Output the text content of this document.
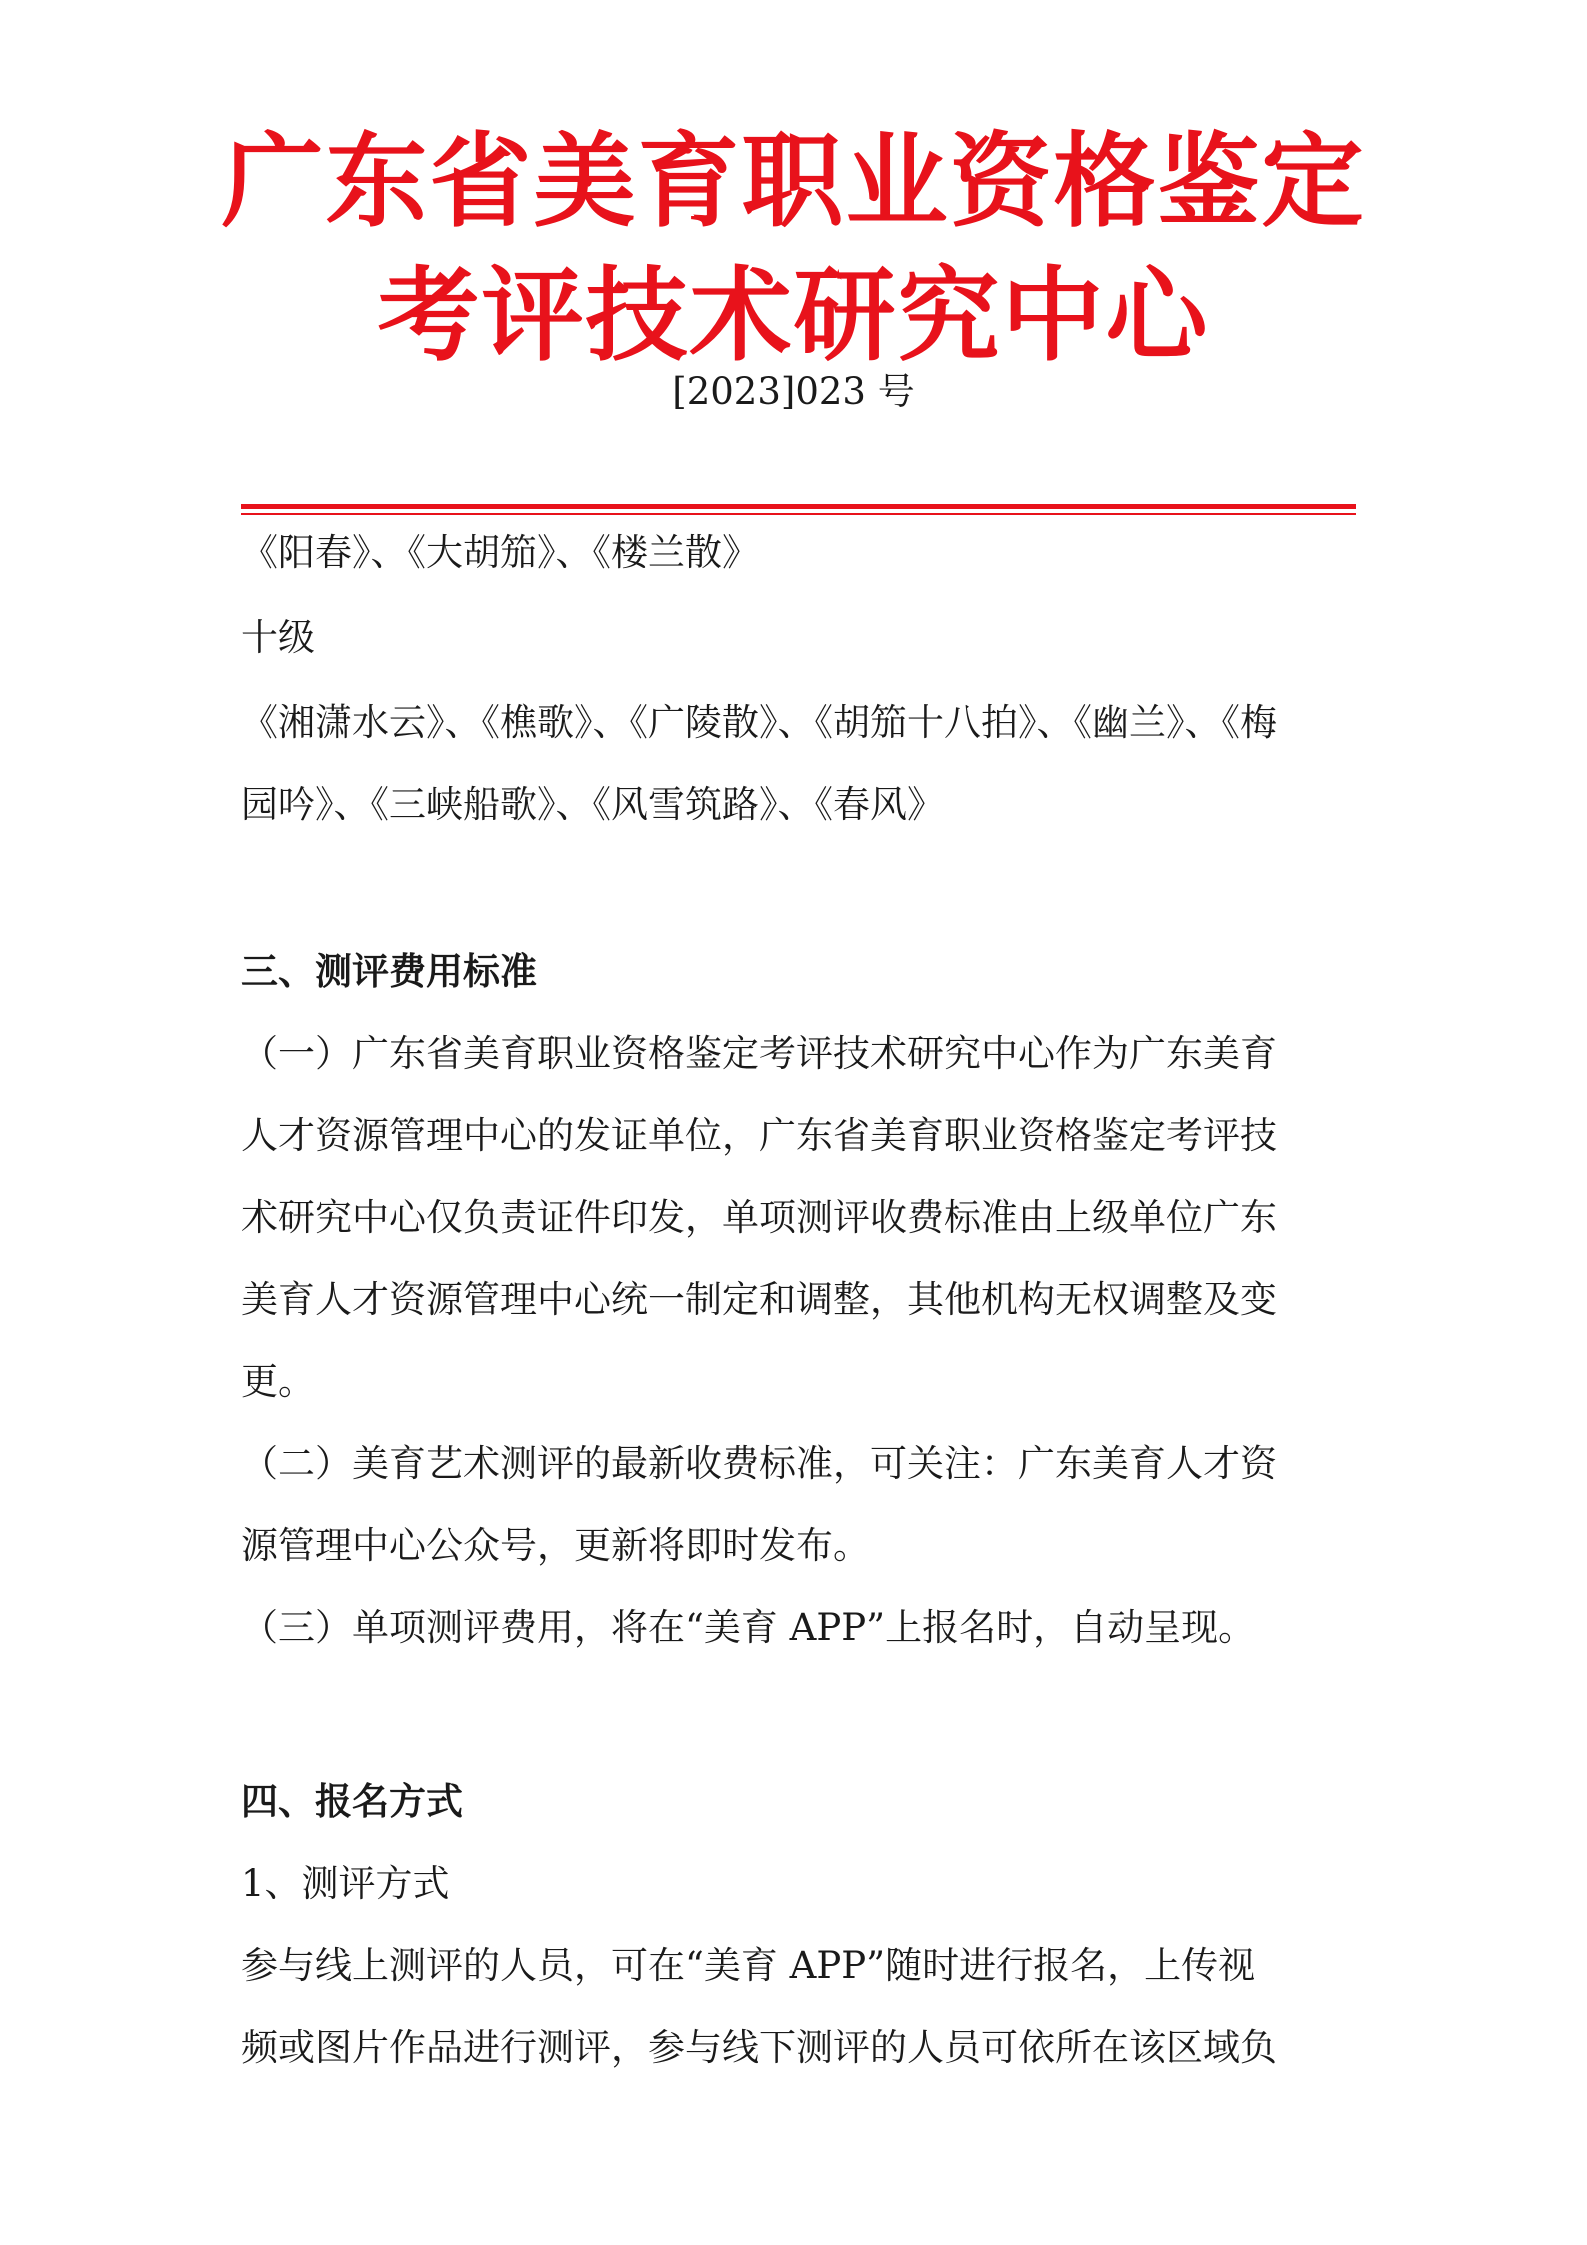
广东省美育职业资格鉴定
考评技术研究中心
[2023]023 号
《阳春》、《大胡笳》、《楼兰散》
十级
《湘潇水云》、《樵歌》、《广陵散》、《胡笳十八拍》、《幽兰》、《梅
园吟》、《三峡船歌》、《风雪筑路》、《春风》
三、测评费用标准
（一）广东省美育职业资格鉴定考评技术研究中心作为广东美育
人才资源管理中心的发证单位，广东省美育职业资格鉴定考评技
术研究中心仅负责证件印发，单项测评收费标准由上级单位广东
美育人才资源管理中心统一制定和调整，其他机构无权调整及变
更。
（二）美育艺术测评的最新收费标准，可关注：广东美育人才资
源管理中心公众号，更新将即时发布。
（三）单项测评费用，将在“美育 APP”上报名时，自动呈现。
四、报名方式
1、测评方式
参与线上测评的人员，可在“美育 APP”随时进行报名，上传视
频或图片作品进行测评，参与线下测评的人员可依所在该区域负
